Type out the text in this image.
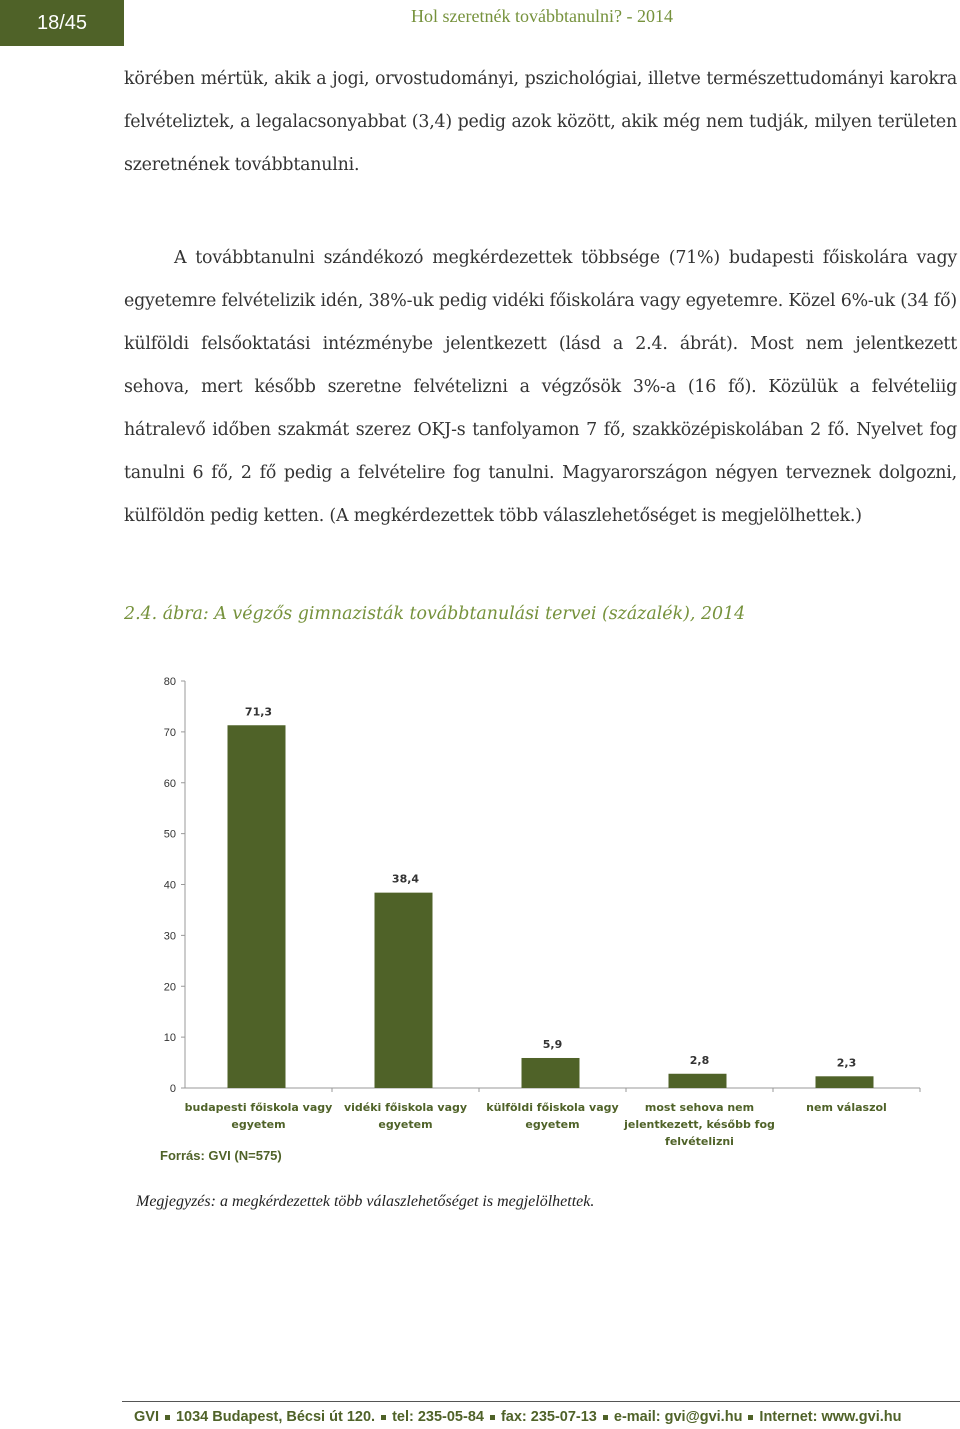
18/45	Hol szeretnék továbbtanulni? - 2014

körében mértük, akik a jogi, orvostudományi, pszichológiai, illetve természettudományi karokra felvételiztek, a legalacsonyabbat (3,4) pedig azok között, akik még nem tudják, milyen területen szeretnének továbbtanulni.

A továbbtanulni szándékozó megkérdezettek többsége (71%) budapesti főiskolára vagy egyetemre felvételizik idén, 38%-uk pedig vidéki főiskolára vagy egyetemre. Közel 6%-uk (34 fő) külföldi felsőoktatási intézménybe jelentkezett (lásd a 2.4. ábrát). Most nem jelentkezett sehova, mert később szeretne felvételizni a végzősök 3%-a (16 fő). Közülük a felvételiig hátralevő időben szakmát szerez OKJ-s tanfolyamon 7 fő, szakközépiskolában 2 fő. Nyelvet fog tanulni 6 fő, 2 fő pedig a felvételire fog tanulni. Magyarországon négyen terveznek dolgozni, külföldön pedig ketten. (A megkérdezettek több válaszlehetőséget is megjelölhettek.)

2.4. ábra: A végzős gimnazisták továbbtanulási tervei (százalék), 2014
0
10
20
30
40
50
60
70
80
71,3
budapesti főiskola vagy
egyetem
38,4
vidéki főiskola vagy
egyetem
5,9
külföldi főiskola vagy
egyetem
2,8
most sehova nem
jelentkezett, később fog
felvételizni
2,3
nem válaszol
Forrás: GVI (N=575)
Megjegyzés: a megkérdezettek több válaszlehetőséget is megjelölhettek.
GVI 1034 Budapest, Bécsi út 120. tel: 235-05-84 fax: 235-07-13 e-mail: gvi@gvi.hu Internet: www.gvi.hu
